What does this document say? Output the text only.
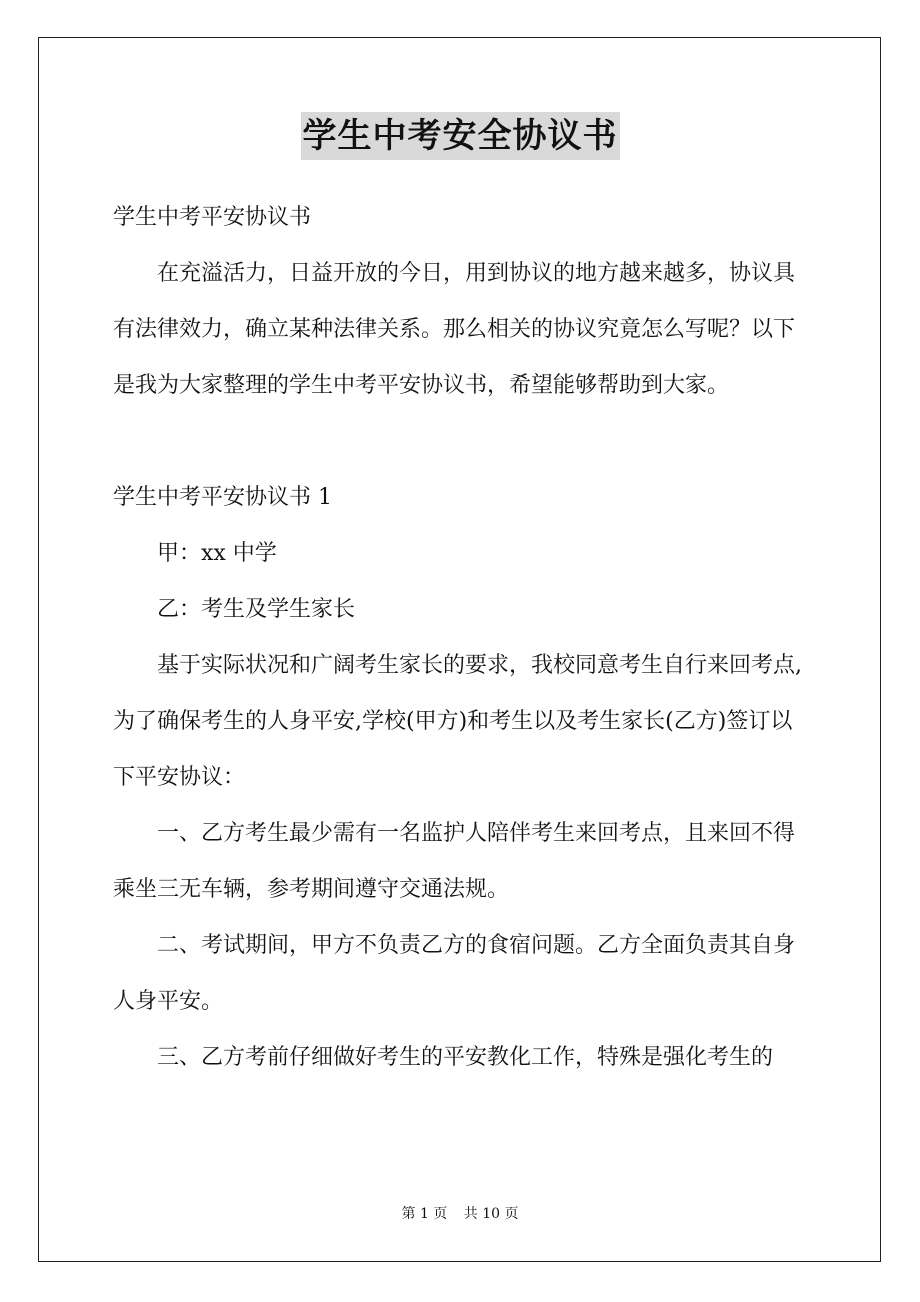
学生中考安全协议书

学生中考平安协议书

在充溢活力，日益开放的今日，用到协议的地方越来越多，协议具有法律效力，确立某种法律关系。那么相关的协议究竟怎么写呢？以下是我为大家整理的学生中考平安协议书，希望能够帮助到大家。

学生中考平安协议书 1

甲：xx 中学

乙：考生及学生家长

基于实际状况和广阔考生家长的要求，我校同意考生自行来回考点,为了确保考生的人身平安,学校(甲方)和考生以及考生家长(乙方)签订以下平安协议：

一、乙方考生最少需有一名监护人陪伴考生来回考点，且来回不得乘坐三无车辆，参考期间遵守交通法规。

二、考试期间，甲方不负责乙方的食宿问题。乙方全面负责其自身人身平安。

三、乙方考前仔细做好考生的平安教化工作，特殊是强化考生的

第 1 页 共 10 页
